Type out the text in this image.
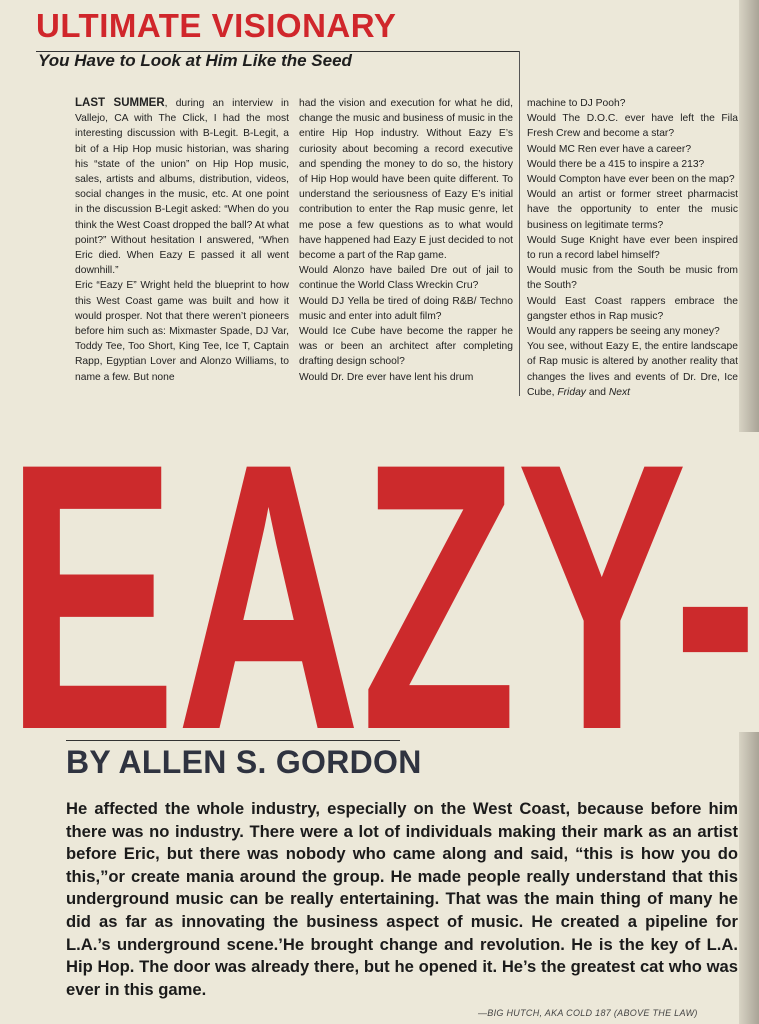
ULTIMATE VISIONARY
You Have to Look at Him Like the Seed

LAST SUMMER, during an interview in Vallejo, CA with The Click, I had the most interesting discussion with B-Legit. B-Legit, a bit of a Hip Hop music historian, was sharing his “state of the union” on Hip Hop music, sales, artists and albums, distribution, videos, social changes in the music, etc. At one point in the discussion B-Legit asked: “When do you think the West Coast dropped the ball? At what point?” Without hesitation I answered, “When Eric died. When Eazy E passed it all went downhill.”

Eric “Eazy E” Wright held the blueprint to how this West Coast game was built and how it would prosper. Not that there weren’t pioneers before him such as: Mixmaster Spade, DJ Var, Toddy Tee, Too Short, King Tee, Ice T, Captain Rapp, Egyptian Lover and Alonzo Williams, to name a few. But none

had the vision and execution for what he did, change the music and business of music in the entire Hip Hop industry. Without Eazy E’s curiosity about becoming a record executive and spending the money to do so, the history of Hip Hop would have been quite different. To understand the seriousness of Eazy E’s initial contribution to enter the Rap music genre, let me pose a few questions as to what would have happened had Eazy E just decided to not become a part of the Rap game.

Would Alonzo have bailed Dre out of jail to continue the World Class Wreckin Cru?

Would DJ Yella be tired of doing R&B/ Techno music and enter into adult film?

Would Ice Cube have become the rapper he was or been an architect after completing drafting design school?

Would Dr. Dre ever have lent his drum

machine to DJ Pooh?

Would The D.O.C. ever have left the Fila Fresh Crew and become a star?

Would MC Ren ever have a career?

Would there be a 415 to inspire a 213?

Would Compton have ever been on the map?

Would an artist or former street pharmacist have the opportunity to enter the music business on legitimate terms?

Would Suge Knight have ever been inspired to run a record label himself?

Would music from the South be music from the South?

Would East Coast rappers embrace the gangster ethos in Rap music?

Would any rappers be seeing any money?

You see, without Eazy E, the entire landscape of Rap music is altered by another reality that changes the lives and events of Dr. Dre, Ice Cube, Friday and Next

EAZY-
BY ALLEN S. GORDON

He affected the whole industry, especially on the West Coast, because before him there was no industry. There were a lot of individuals making their mark as an artist before Eric, but there was nobody who came along and said, “this is how you do this,”or create mania around the group. He made people really understand that this underground music can be really entertaining. That was the main thing of many he did as far as innovating the business aspect of music. He created a pipeline for L.A.’s underground scene.’He brought change and revolution. He is the key of L.A. Hip Hop. The door was already there, but he opened it. He’s the greatest cat who was ever in this game.

—BIG HUTCH, AKA COLD 187 (ABOVE THE LAW)
